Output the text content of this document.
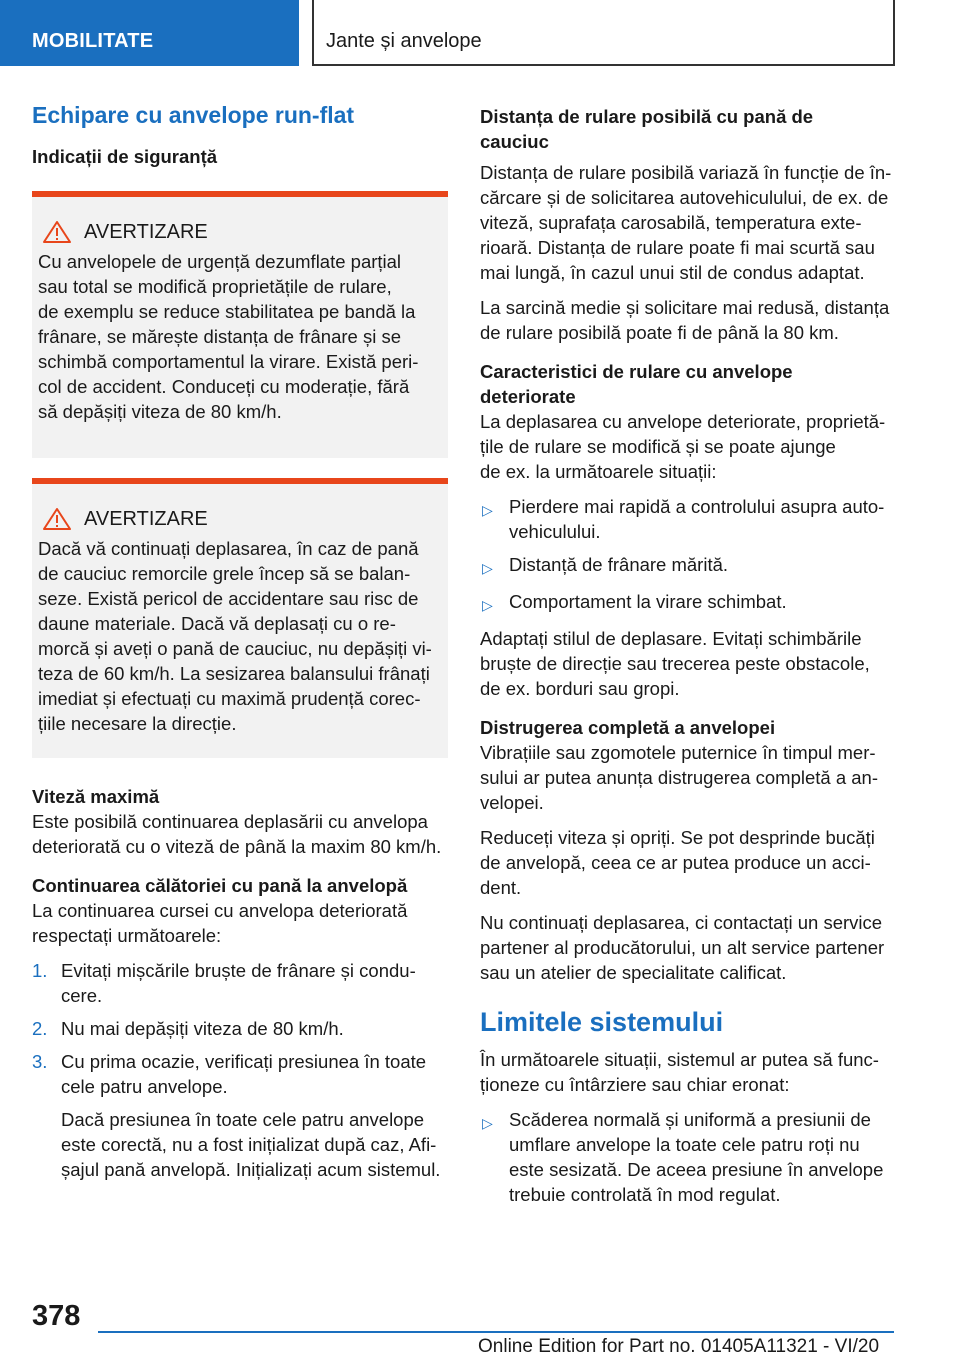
MOBILITATE	Jante și anvelope
Echipare cu anvelope run-flat
Indicații de siguranță
AVERTIZARE
Cu anvelopele de urgență dezumflate parțial
sau total se modifică proprietățile de rulare,
de exemplu se reduce stabilitatea pe bandă la
frânare, se mărește distanța de frânare și se
schimbă comportamentul la virare. Există peri-
col de accident. Conduceți cu moderație, fără
să depășiți viteza de 80 km/h.
AVERTIZARE
Dacă vă continuați deplasarea, în caz de pană
de cauciuc remorcile grele încep să se balan-
seze. Există pericol de accidentare sau risc de
daune materiale. Dacă vă deplasați cu o re-
morcă și aveți o pană de cauciuc, nu depășiți vi-
teza de 60 km/h. La sesizarea balansului frânați
imediat și efectuați cu maximă prudență corec-
țiile necesare la direcție.
Viteză maximă
Este posibilă continuarea deplasării cu anvelopa
deteriorată cu o viteză de până la maxim 80 km/h.
Continuarea călătoriei cu pană la anvelopă
La continuarea cursei cu anvelopa deteriorată
respectați următoarele:
1. Evitați mișcările bruște de frânare și condu-
cere.
2. Nu mai depășiți viteza de 80 km/h.
3. Cu prima ocazie, verificați presiunea în toate
cele patru anvelope.
Dacă presiunea în toate cele patru anvelope
este corectă, nu a fost inițializat după caz, Afi-
șajul pană anvelopă. Inițializați acum sistemul.
Distanța de rulare posibilă cu pană de
cauciuc
Distanța de rulare posibilă variază în funcție de în-
cărcare și de solicitarea autovehiculului, de ex. de
viteză, suprafața carosabilă, temperatura exte-
rioară. Distanța de rulare poate fi mai scurtă sau
mai lungă, în cazul unui stil de condus adaptat.
La sarcină medie și solicitare mai redusă, distanța
de rulare posibilă poate fi de până la 80 km.
Caracteristici de rulare cu anvelope
deteriorate
La deplasarea cu anvelope deteriorate, proprietă-
țile de rulare se modifică și se poate ajunge
de ex. la următoarele situații:
▷ Pierdere mai rapidă a controlului asupra auto-
vehiculului.
▷ Distanță de frânare mărită.
▷ Comportament la virare schimbat.
Adaptați stilul de deplasare. Evitați schimbările
bruște de direcție sau trecerea peste obstacole,
de ex. borduri sau gropi.
Distrugerea completă a anvelopei
Vibrațiile sau zgomotele puternice în timpul mer-
sului ar putea anunța distrugerea completă a an-
velopei.
Reduceți viteza și opriți. Se pot desprinde bucăți
de anvelopă, ceea ce ar putea produce un acci-
dent.
Nu continuați deplasarea, ci contactați un service
partener al producătorului, un alt service partener
sau un atelier de specialitate calificat.
Limitele sistemului
În următoarele situații, sistemul ar putea să func-
ționeze cu întârziere sau chiar eronat:
▷ Scăderea normală și uniformă a presiunii de
umflare anvelope la toate cele patru roți nu
este sesizată. De aceea presiune în anvelope
trebuie controlată în mod regulat.
378
Online Edition for Part no. 01405A11321 - VI/20
